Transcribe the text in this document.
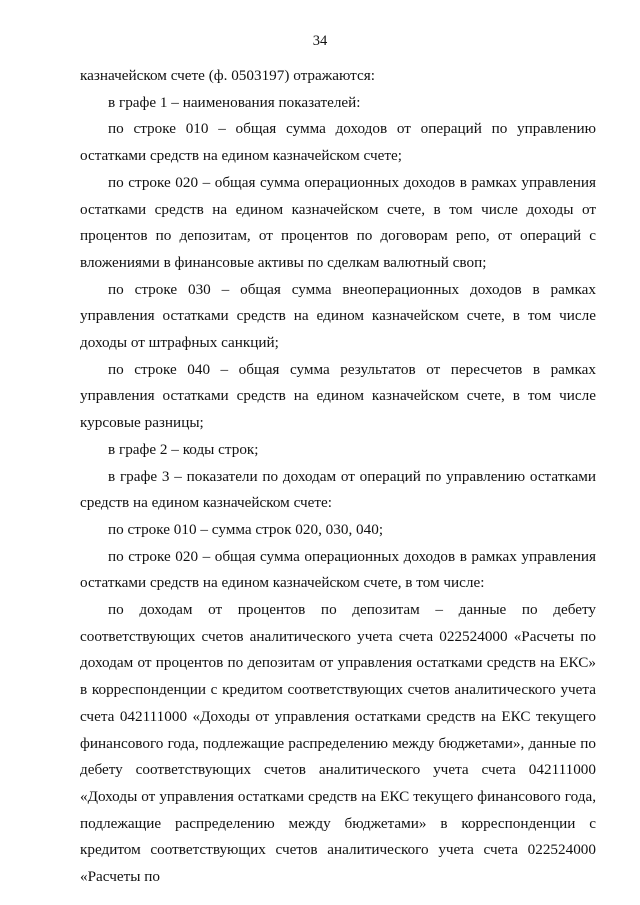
34

казначейском счете (ф. 0503197) отражаются:

в графе 1 – наименования показателей:

по строке 010 – общая сумма доходов от операций по управлению остатками средств на едином казначейском счете;

по строке 020 – общая сумма операционных доходов в рамках управления остатками средств на едином казначейском счете, в том числе доходы от процентов по депозитам, от процентов по договорам репо, от операций с вложениями в финансовые активы по сделкам валютный своп;

по строке 030 – общая сумма внеоперационных доходов в рамках управления остатками средств на едином казначейском счете, в том числе доходы от штрафных санкций;

по строке 040 – общая сумма результатов от пересчетов в рамках управления остатками средств на едином казначейском счете, в том числе курсовые разницы;

в графе 2 – коды строк;

в графе 3 – показатели по доходам от операций по управлению остатками средств на едином казначейском счете:

по строке 010 – сумма строк 020, 030, 040;

по строке 020 – общая сумма операционных доходов в рамках управления остатками средств на едином казначейском счете, в том числе:

по доходам от процентов по депозитам – данные по дебету соответствующих счетов аналитического учета счета 022524000 «Расчеты по доходам от процентов по депозитам от управления остатками средств на ЕКС» в корреспонденции с кредитом соответствующих счетов аналитического учета счета 042111000 «Доходы от управления остатками средств на ЕКС текущего финансового года, подлежащие распределению между бюджетами», данные по дебету соответствующих счетов аналитического учета счета 042111000 «Доходы от управления остатками средств на ЕКС текущего финансового года, подлежащие распределению между бюджетами» в корреспонденции с кредитом соответствующих счетов аналитического учета счета 022524000 «Расчеты по
